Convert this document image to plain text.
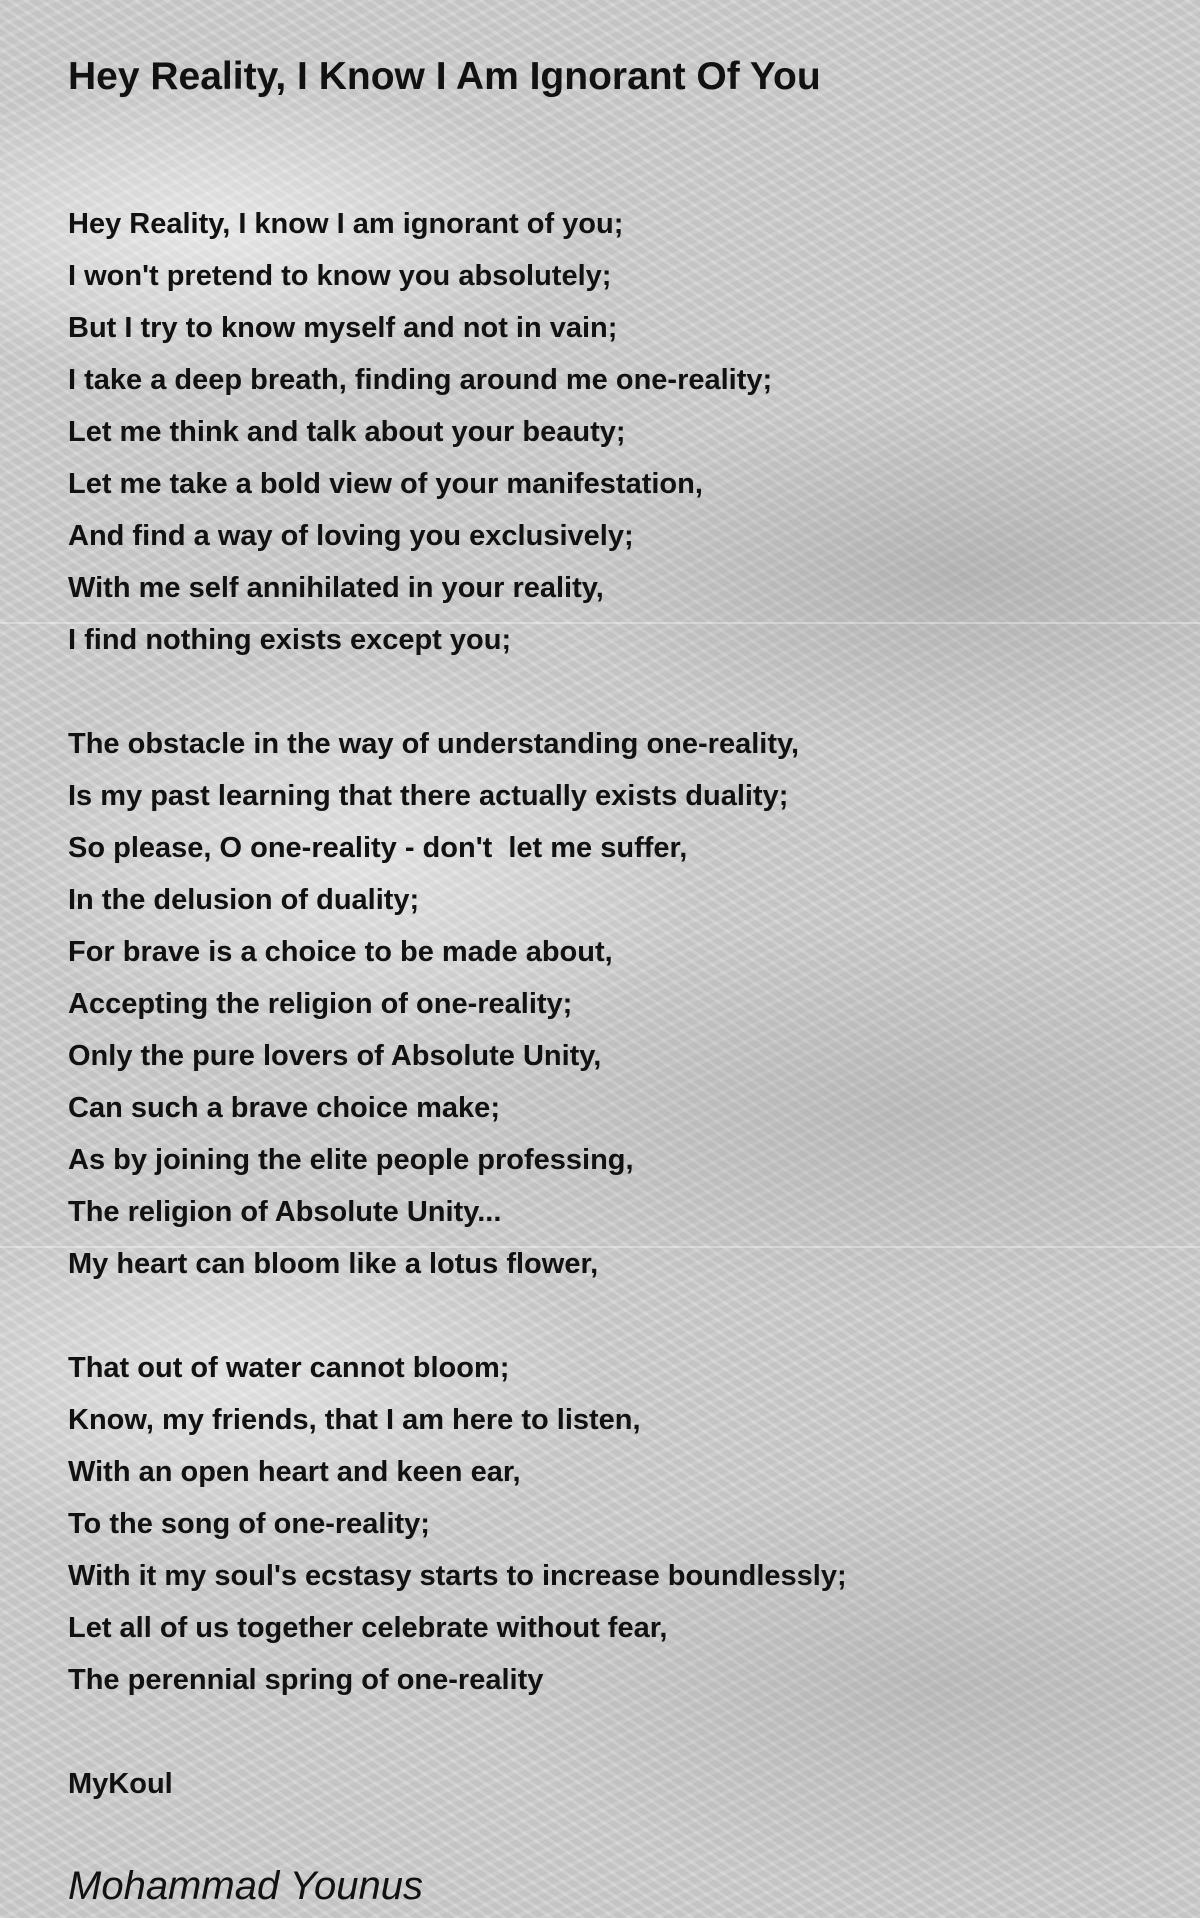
Hey Reality, I Know I Am Ignorant Of You
Hey Reality, I know I am ignorant of you;
I won't pretend to know you absolutely;
But I try to know myself and not in vain;
I take a deep breath, finding around me one-reality;
Let me think and talk about your beauty;
Let me take a bold view of your manifestation,
And find a way of loving you exclusively;
With me self annihilated in your reality,
I find nothing exists except you;
The obstacle in the way of understanding one-reality,
Is my past learning that there actually exists duality;
So please, O one-reality - don't  let me suffer,
In the delusion of duality;
For brave is a choice to be made about,
Accepting the religion of one-reality;
Only the pure lovers of Absolute Unity,
Can such a brave choice make;
As by joining the elite people professing,
The religion of Absolute Unity...
My heart can bloom like a lotus flower,
That out of water cannot bloom;
Know, my friends, that I am here to listen,
With an open heart and keen ear,
To the song of one-reality;
With it my soul's ecstasy starts to increase boundlessly;
Let all of us together celebrate without fear,
The perennial spring of one-reality
MyKoul
Mohammad Younus
